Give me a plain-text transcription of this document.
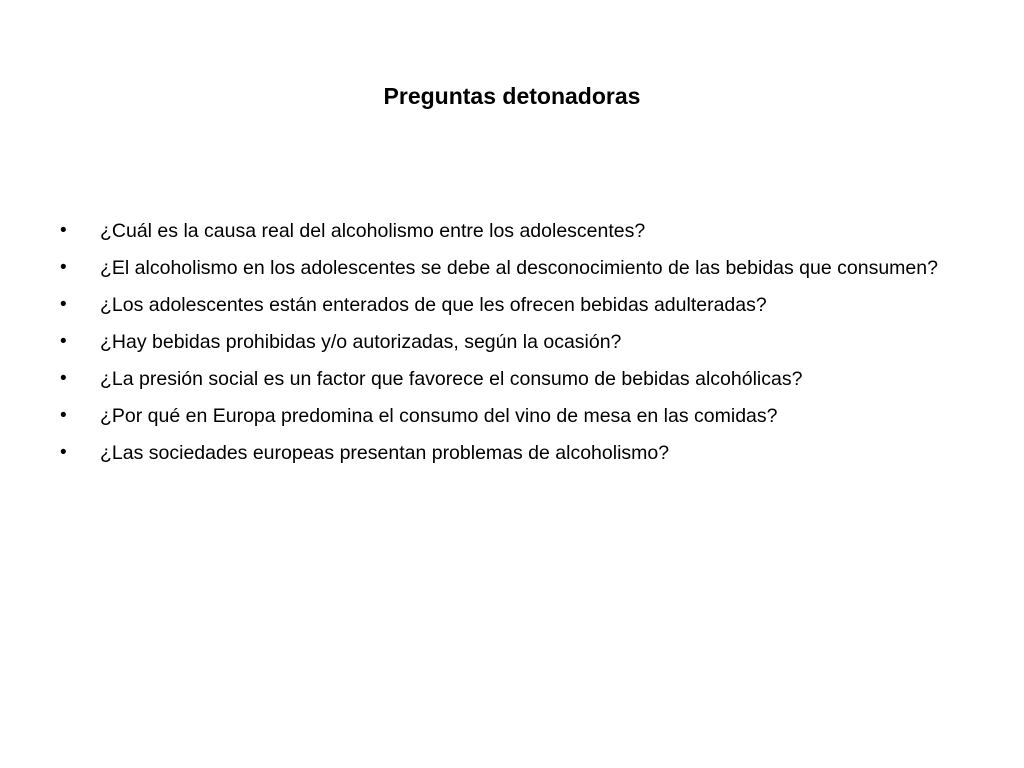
Preguntas detonadoras
•	¿Cuál es la causa real del alcoholismo entre los adolescentes?
•	¿El alcoholismo en los adolescentes se debe al desconocimiento de las bebidas que consumen?
•	¿Los adolescentes están enterados de que les ofrecen bebidas adulteradas?
•	¿Hay bebidas prohibidas y/o autorizadas, según la ocasión?
•	¿La presión social es un factor que favorece el consumo de bebidas alcohólicas?
•	¿Por qué en Europa predomina el consumo del vino de mesa en las comidas?
•	¿Las sociedades europeas presentan problemas de alcoholismo?
